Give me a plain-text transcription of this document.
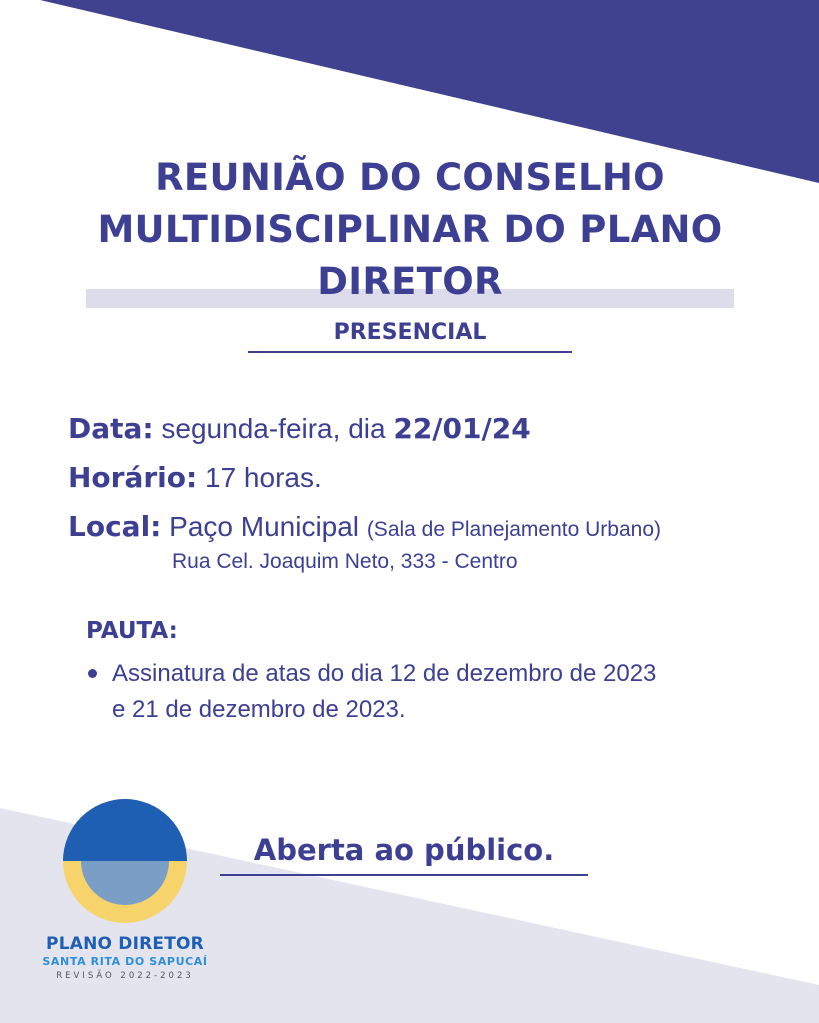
REUNIÃO DO CONSELHO
MULTIDISCIPLINAR DO PLANO
DIRETOR
PRESENCIAL
Data: segunda-feira, dia 22/01/24
Horário: 17 horas.
Local: Paço Municipal (Sala de Planejamento Urbano)
Rua Cel. Joaquim Neto, 333 - Centro
PAUTA:
Assinatura de atas do dia 12 de dezembro de 2023
e 21 de dezembro de 2023.
Aberta ao público.
PLANO DIRETOR
SANTA RITA DO SAPUCAÍ
REVISÃO 2022-2023
